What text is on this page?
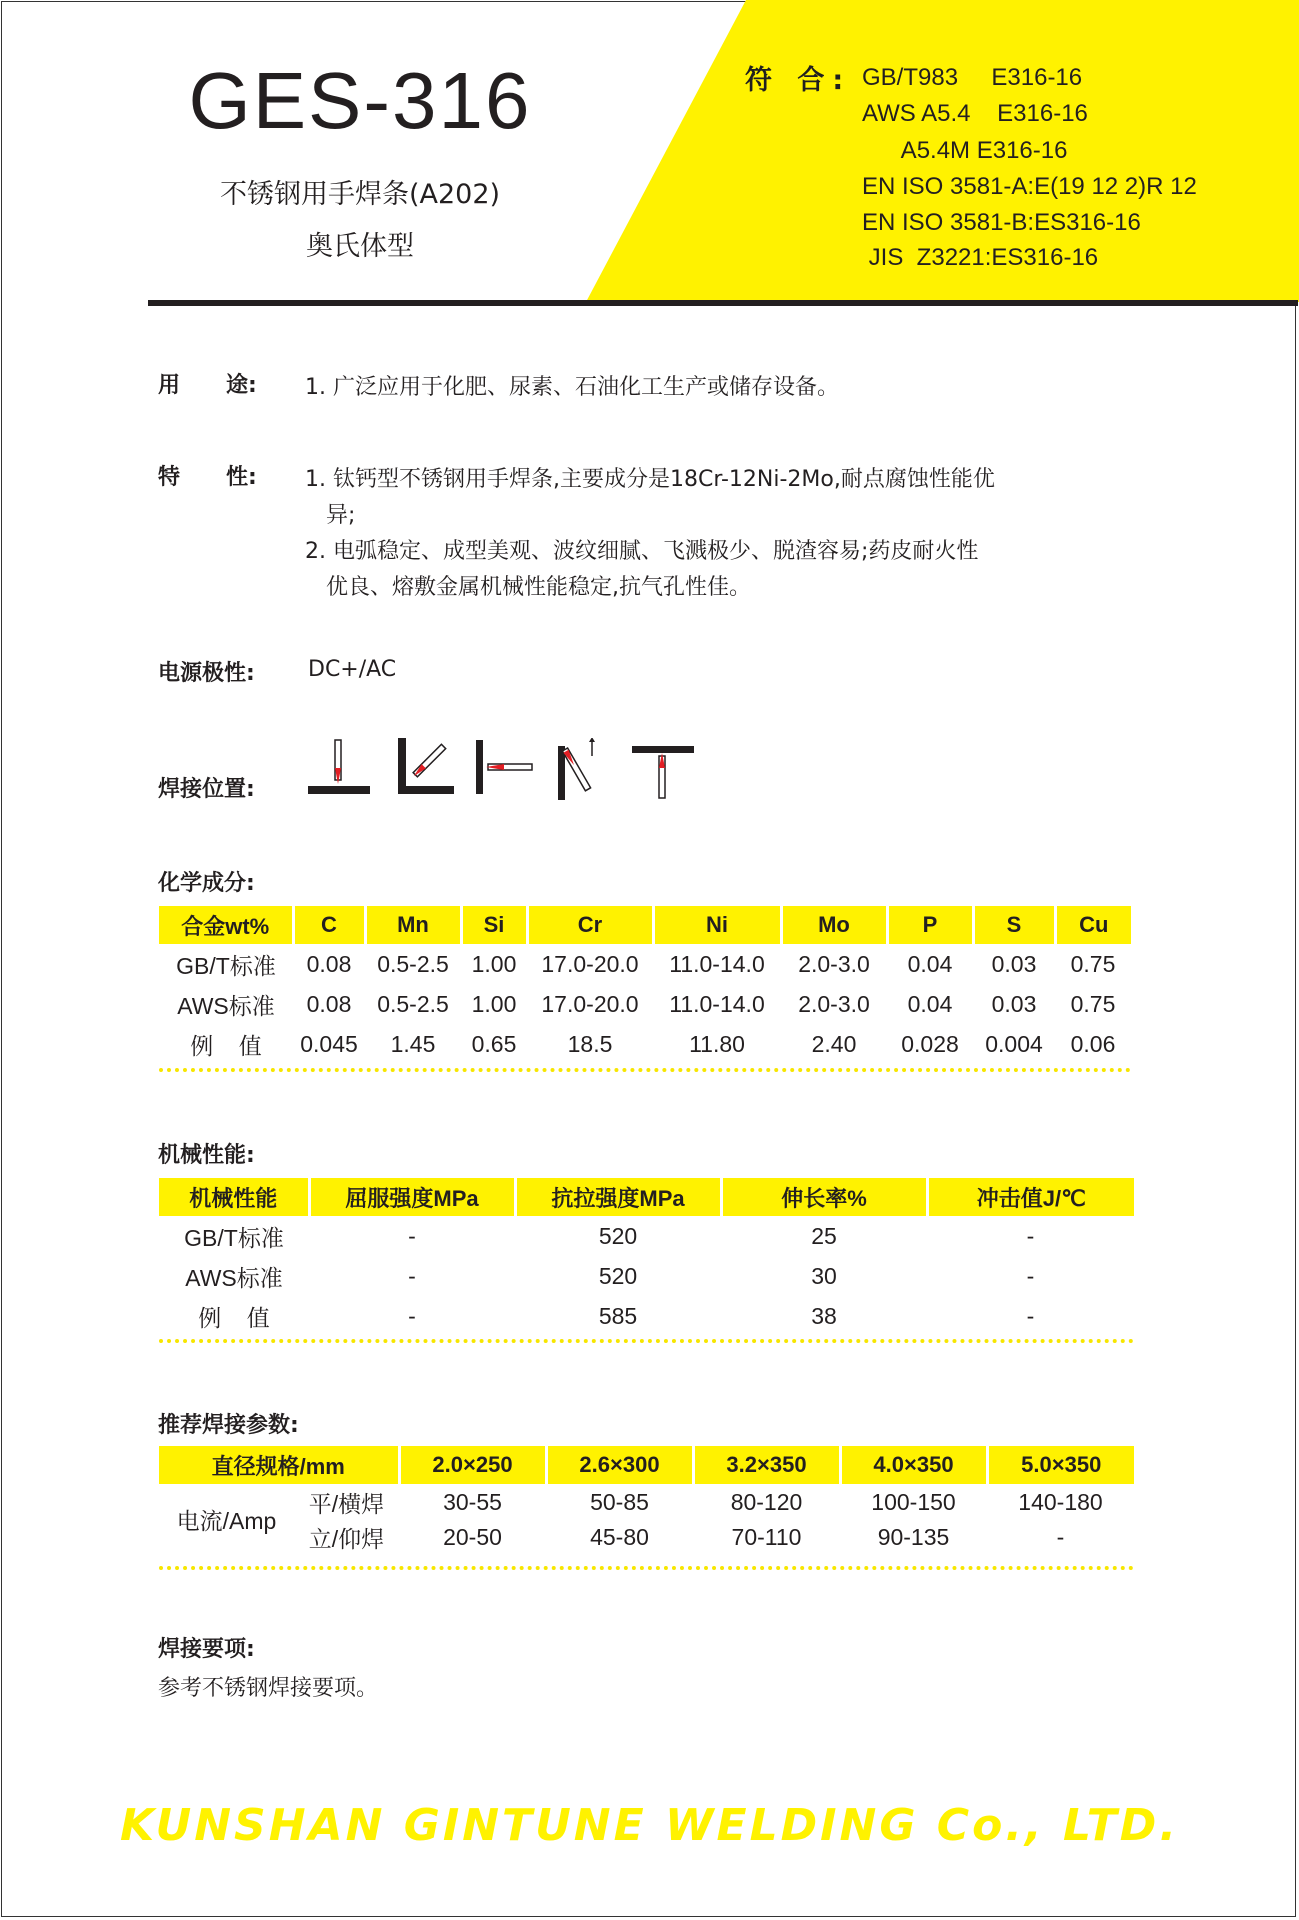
GES-316
不锈钢用手焊条(A202)
奥氏体型
符 合: GB/T983     E316-16
AWS A5.4    E316-16
A5.4M E316-16
EN ISO 3581-A:E(19 12 2)R 12
EN ISO 3581-B:ES316-16
JIS  Z3221:ES316-16
用      途: 1. 广泛应用于化肥、尿素、石油化工生产或储存设备。
特      性: 1. 钛钙型不锈钢用手焊条,主要成分是18Cr-12Ni-2Mo,耐点腐蚀性能优
异;
2. 电弧稳定、成型美观、波纹细腻、飞溅极少、脱渣容易;药皮耐火性
优良、熔敷金属机械性能稳定,抗气孔性佳。
电源极性: DC+/AC
焊接位置:
化学成分:
合金wt%	C	Mn	Si	Cr	Ni	Mo	P	S	Cu
GB/T标准	0.08	0.5-2.5	1.00	17.0-20.0	11.0-14.0	2.0-3.0	0.04	0.03	0.75
AWS标准	0.08	0.5-2.5	1.00	17.0-20.0	11.0-14.0	2.0-3.0	0.04	0.03	0.75
例    值	0.045	1.45	0.65	18.5	11.80	2.40	0.028	0.004	0.06
机械性能:
机械性能	屈服强度MPa	抗拉强度MPa	伸长率%	冲击值J/℃
GB/T标准	-	520	25	-
AWS标准	-	520	30	-
例    值	-	585	38	-
推荐焊接参数:
直径规格/mm		2.0×250	2.6×300	3.2×350	4.0×350	5.0×350
电流/Amp	平/横焊	30-55	50-85	80-120	100-150	140-180
	立/仰焊	20-50	45-80	70-110	90-135	-
焊接要项:
参考不锈钢焊接要项。
KUNSHAN GINTUNE WELDING Co., LTD.
